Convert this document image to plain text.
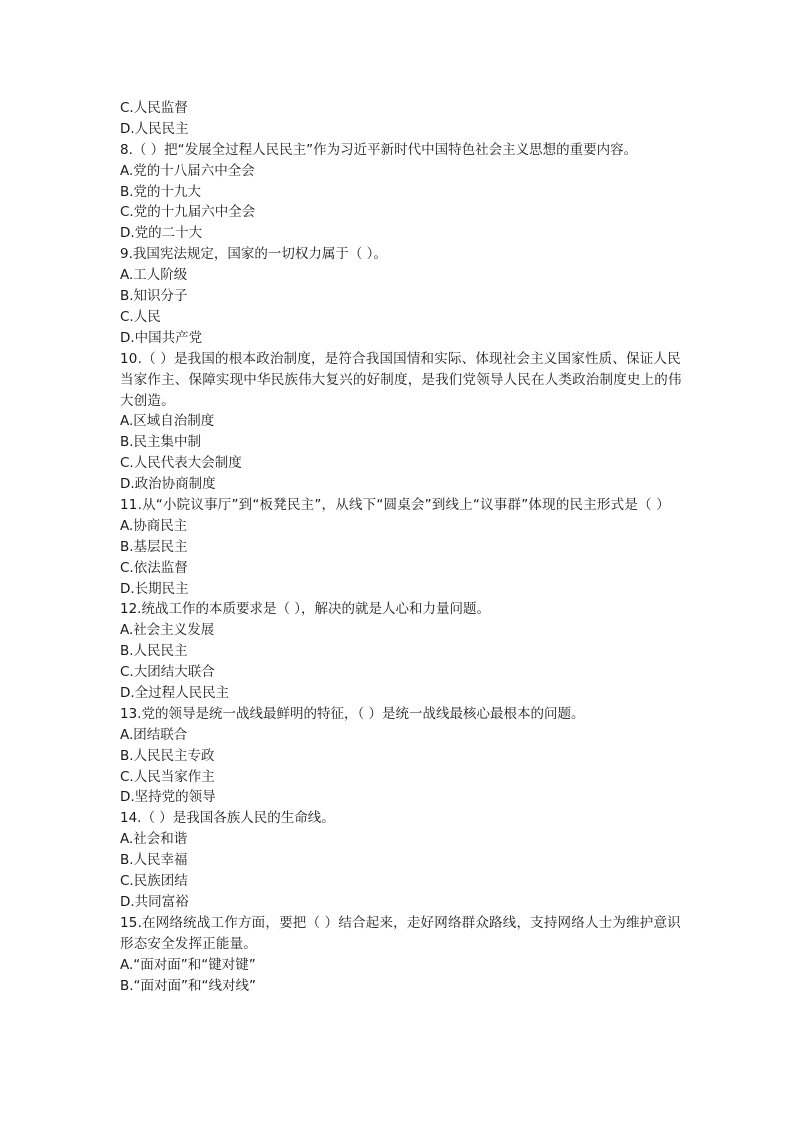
C.人民监督
D.人民民主
8.（ ）把“发展全过程人民民主”作为习近平新时代中国特色社会主义思想的重要内容。
A.党的十八届六中全会
B.党的十九大
C.党的十九届六中全会
D.党的二十大
9.我国宪法规定，国家的一切权力属于（ ）。
A.工人阶级
B.知识分子
C.人民
D.中国共产党
10.（ ）是我国的根本政治制度，是符合我国国情和实际、体现社会主义国家性质、保证人民当家作主、保障实现中华民族伟大复兴的好制度，是我们党领导人民在人类政治制度史上的伟大创造。
A.区域自治制度
B.民主集中制
C.人民代表大会制度
D.政治协商制度
11.从“小院议事厅”到“板凳民主”，从线下“圆桌会”到线上“议事群”体现的民主形式是（ ）
A.协商民主
B.基层民主
C.依法监督
D.长期民主
12.统战工作的本质要求是（ ），解决的就是人心和力量问题。
A.社会主义发展
B.人民民主
C.大团结大联合
D.全过程人民民主
13.党的领导是统一战线最鲜明的特征，（ ）是统一战线最核心最根本的问题。
A.团结联合
B.人民民主专政
C.人民当家作主
D.坚持党的领导
14.（ ）是我国各族人民的生命线。
A.社会和谐
B.人民幸福
C.民族团结
D.共同富裕
15.在网络统战工作方面，要把（ ）结合起来，走好网络群众路线，支持网络人士为维护意识形态安全发挥正能量。
A.“面对面”和“键对键”
B.“面对面”和“线对线”
